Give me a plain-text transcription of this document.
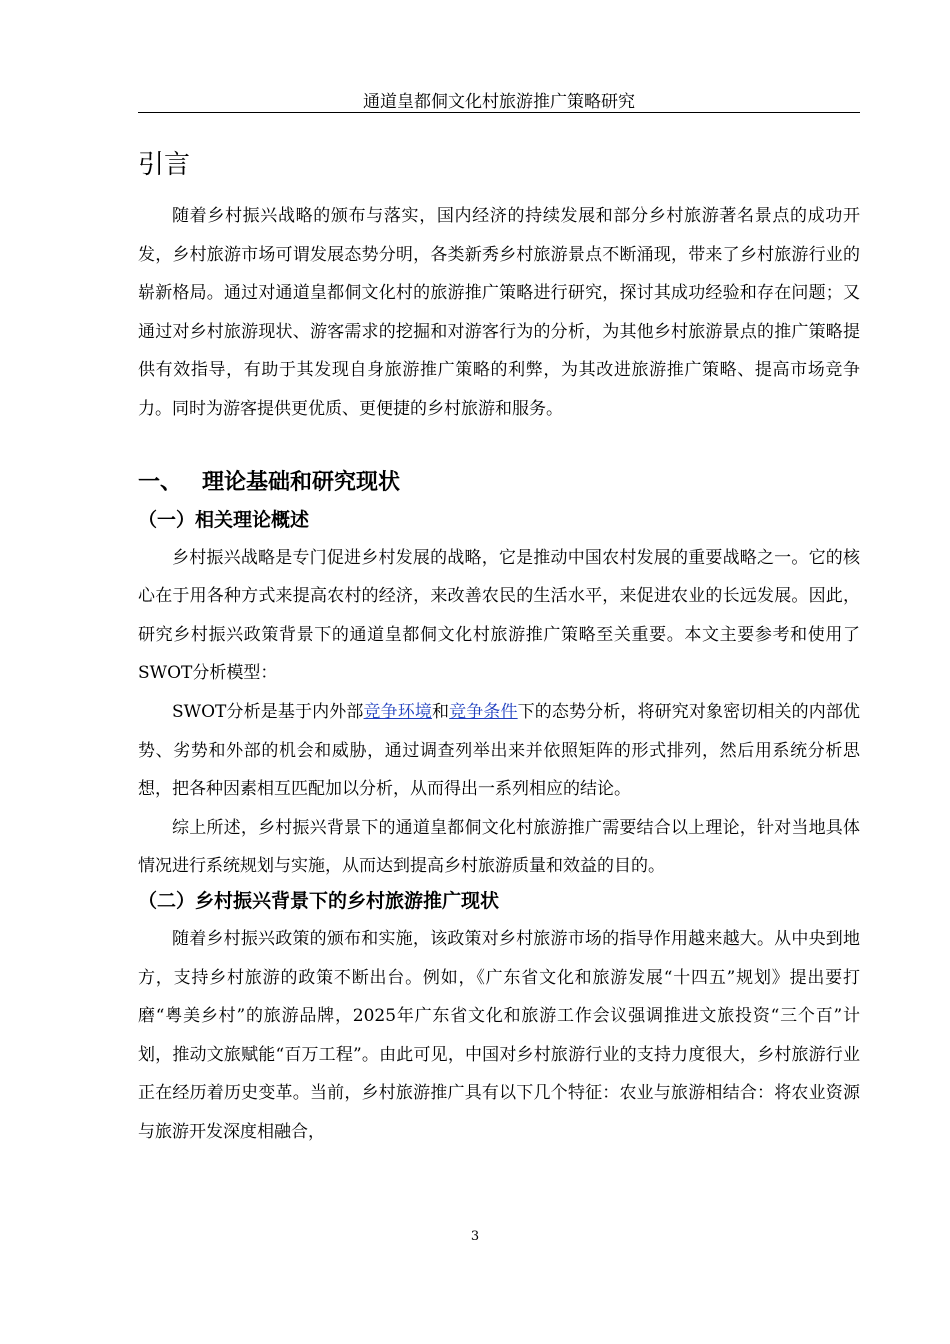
通道皇都侗文化村旅游推广策略研究
引言

随着乡村振兴战略的颁布与落实，国内经济的持续发展和部分乡村旅游著名景点的成功开发，乡村旅游市场可谓发展态势分明，各类新秀乡村旅游景点不断涌现，带来了乡村旅游行业的崭新格局。通过对通道皇都侗文化村的旅游推广策略进行研究，探讨其成功经验和存在问题；又通过对乡村旅游现状、游客需求的挖掘和对游客行为的分析，为其他乡村旅游景点的推广策略提供有效指导，有助于其发现自身旅游推广策略的利弊，为其改进旅游推广策略、提高市场竞争力。同时为游客提供更优质、更便捷的乡村旅游和服务。

一、 理论基础和研究现状
（一）相关理论概述

乡村振兴战略是专门促进乡村发展的战略，它是推动中国农村发展的重要战略之一。它的核心在于用各种方式来提高农村的经济，来改善农民的生活水平，来促进农业的长远发展。因此，研究乡村振兴政策背景下的通道皇都侗文化村旅游推广策略至关重要。本文主要参考和使用了SWOT分析模型：

SWOT分析是基于内外部竞争环境和竞争条件下的态势分析，将研究对象密切相关的内部优势、劣势和外部的机会和威胁，通过调查列举出来并依照矩阵的形式排列，然后用系统分析思想，把各种因素相互匹配加以分析，从而得出一系列相应的结论。

综上所述，乡村振兴背景下的通道皇都侗文化村旅游推广需要结合以上理论，针对当地具体情况进行系统规划与实施，从而达到提高乡村旅游质量和效益的目的。

（二）乡村振兴背景下的乡村旅游推广现状

随着乡村振兴政策的颁布和实施，该政策对乡村旅游市场的指导作用越来越大。从中央到地方，支持乡村旅游的政策不断出台。例如，《广东省文化和旅游发展“十四五”规划》提出要打磨“粤美乡村”的旅游品牌，2025年广东省文化和旅游工作会议强调推进文旅投资“三个百”计划，推动文旅赋能“百万工程”。由此可见，中国对乡村旅游行业的支持力度很大，乡村旅游行业正在经历着历史变革。当前，乡村旅游推广具有以下几个特征：农业与旅游相结合：将农业资源与旅游开发深度相融合，

3
